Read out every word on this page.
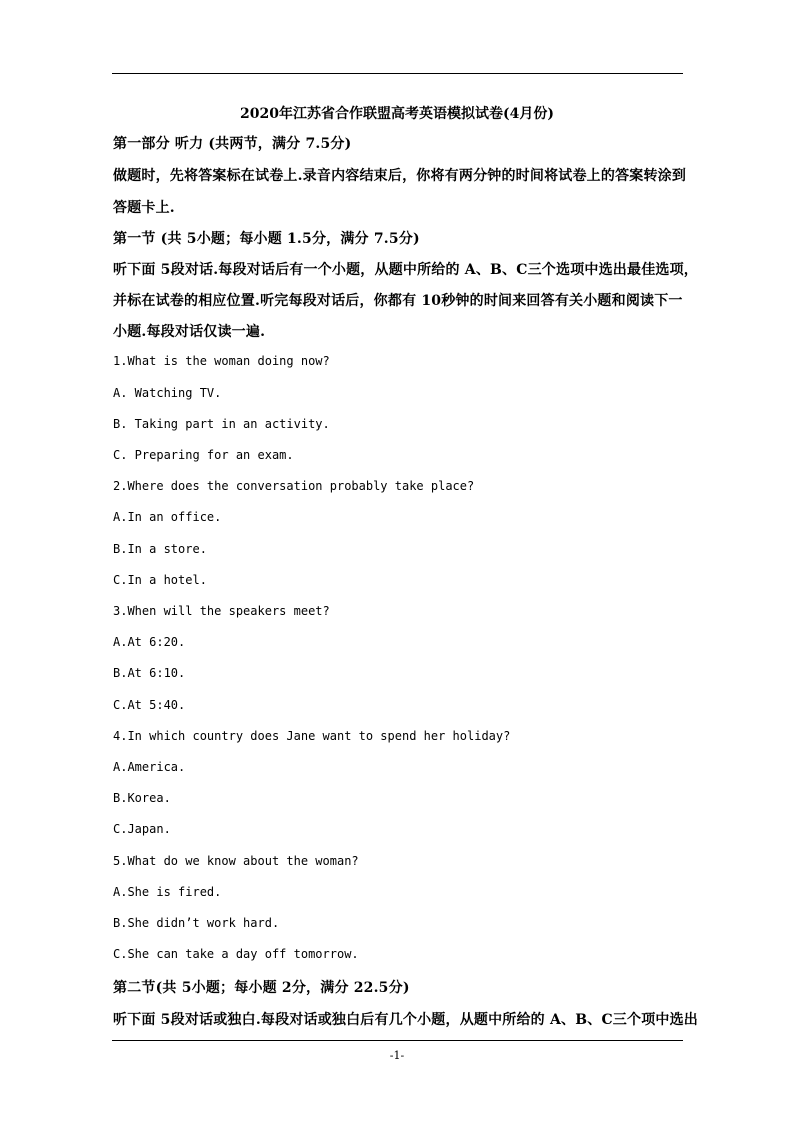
2020年江苏省合作联盟高考英语模拟试卷(4月份)
第一部分 听力 (共两节，满分 7.5分)
做题时，先将答案标在试卷上.录音内容结束后，你将有两分钟的时间将试卷上的答案转涂到
答题卡上.
第一节 (共 5小题；每小题 1.5分，满分 7.5分)
听下面 5段对话.每段对话后有一个小题，从题中所给的 A、B、C三个选项中选出最佳选项，
并标在试卷的相应位置.听完每段对话后，你都有 10秒钟的时间来回答有关小题和阅读下一
小题.每段对话仅读一遍.
1.What is the woman doing now?
A. Watching TV.
B. Taking part in an activity.
C. Preparing for an exam.
2.Where does the conversation probably take place?
A.In an office.
B.In a store.
C.In a hotel.
3.When will the speakers meet?
A.At 6:20.
B.At 6:10.
C.At 5:40.
4.In which country does Jane want to spend her holiday?
A.America.
B.Korea.
C.Japan.
5.What do we know about the woman?
A.She is fired.
B.She didn’t work hard.
C.She can take a day off tomorrow.
第二节(共 5小题；每小题 2分，满分 22.5分)
听下面 5段对话或独白.每段对话或独白后有几个小题，从题中所给的 A、B、C三个项中选出
-1-
